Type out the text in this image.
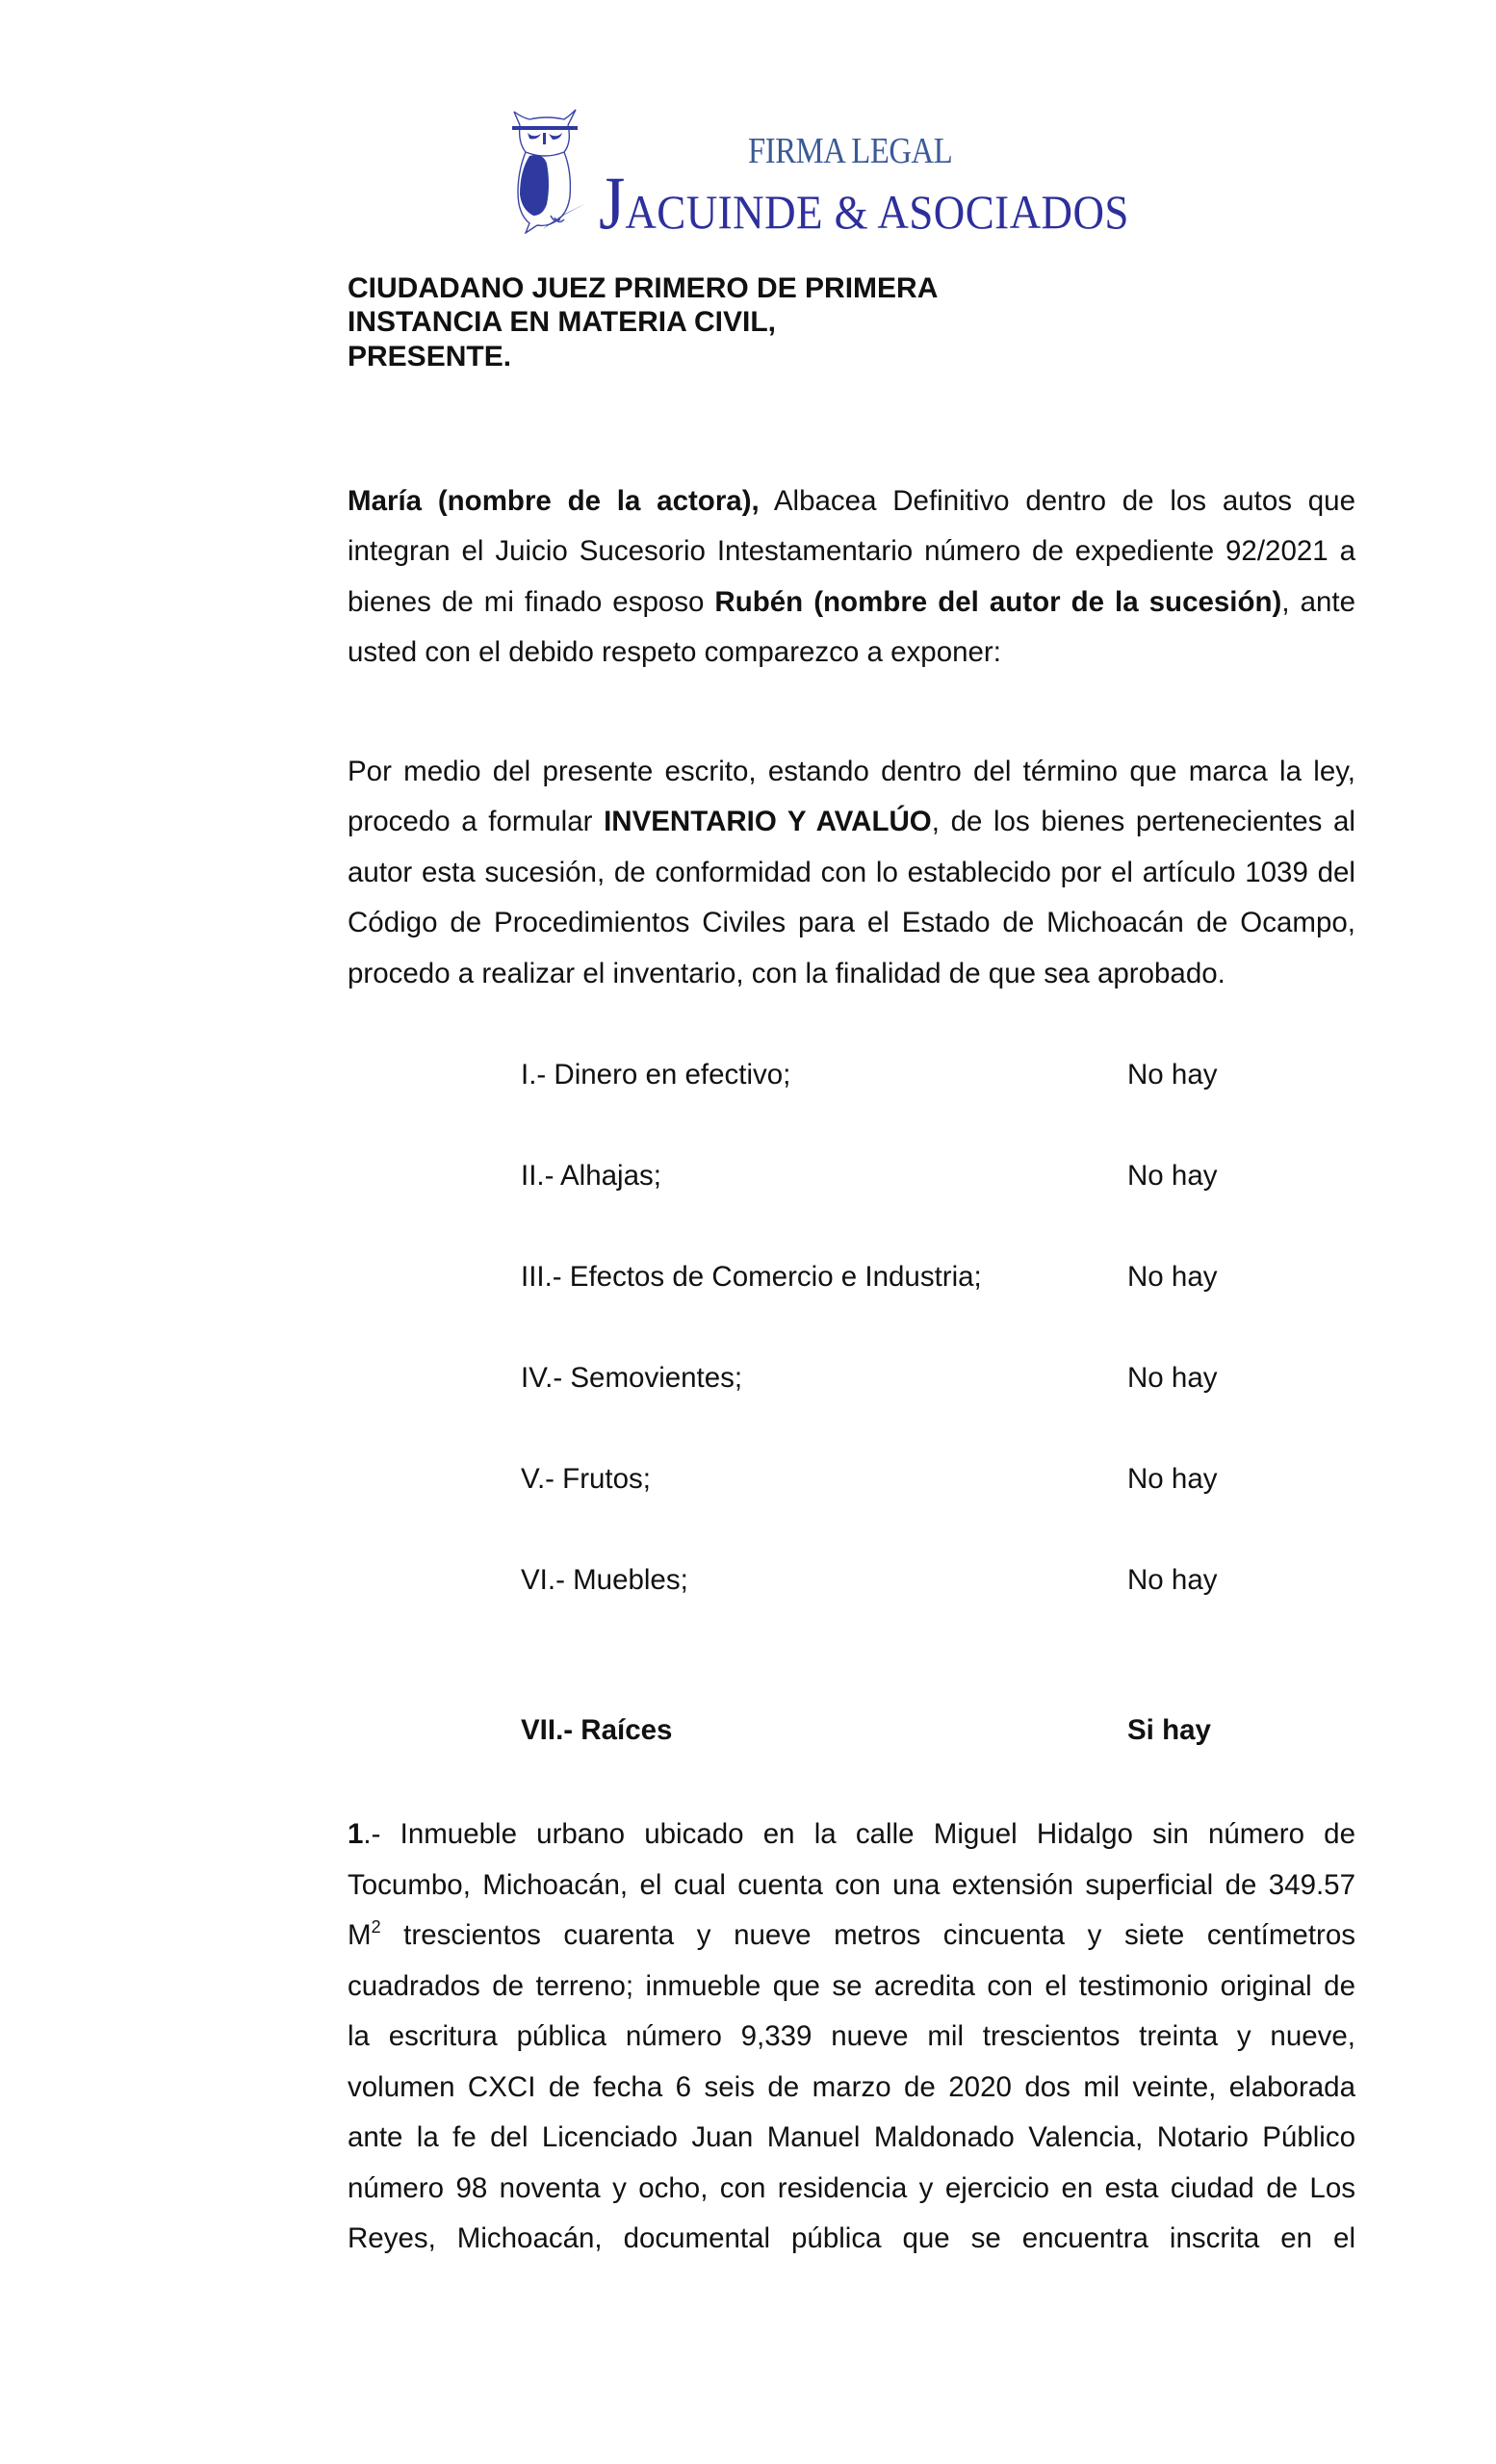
FIRMA LEGAL
JACUINDE & ASOCIADOS
CIUDADANO JUEZ PRIMERO DE PRIMERA
INSTANCIA EN MATERIA CIVIL,
PRESENTE.
María (nombre de la actora), Albacea Definitivo dentro de los autos que
integran el Juicio Sucesorio Intestamentario número de expediente 92/2021 a
bienes de mi finado esposo Rubén (nombre del autor de la sucesión), ante
usted con el debido respeto comparezco a exponer:
Por medio del presente escrito, estando dentro del término que marca la ley,
procedo a formular INVENTARIO Y AVALÚO, de los bienes pertenecientes al
autor esta sucesión, de conformidad con lo establecido por el artículo 1039 del
Código de Procedimientos Civiles para el Estado de Michoacán de Ocampo,
procedo a realizar el inventario, con la finalidad de que sea aprobado.
I.- Dinero en efectivo;	No hay
II.- Alhajas;	No hay
III.- Efectos de Comercio e Industria;	No hay
IV.- Semovientes;	No hay
V.- Frutos;	No hay
VI.- Muebles;	No hay
VII.- Raíces	Si hay
1.- Inmueble urbano ubicado en la calle Miguel Hidalgo sin número de
Tocumbo, Michoacán, el cual cuenta con una extensión superficial de 349.57
$M^2$ trescientos cuarenta y nueve metros cincuenta y siete centímetros
cuadrados de terreno; inmueble que se acredita con el testimonio original de
la escritura pública número 9,339 nueve mil trescientos treinta y nueve,
volumen CXCI de fecha 6 seis de marzo de 2020 dos mil veinte, elaborada
ante la fe del Licenciado Juan Manuel Maldonado Valencia, Notario Público
número 98 noventa y ocho, con residencia y ejercicio en esta ciudad de Los
Reyes, Michoacán, documental pública que se encuentra inscrita en el
